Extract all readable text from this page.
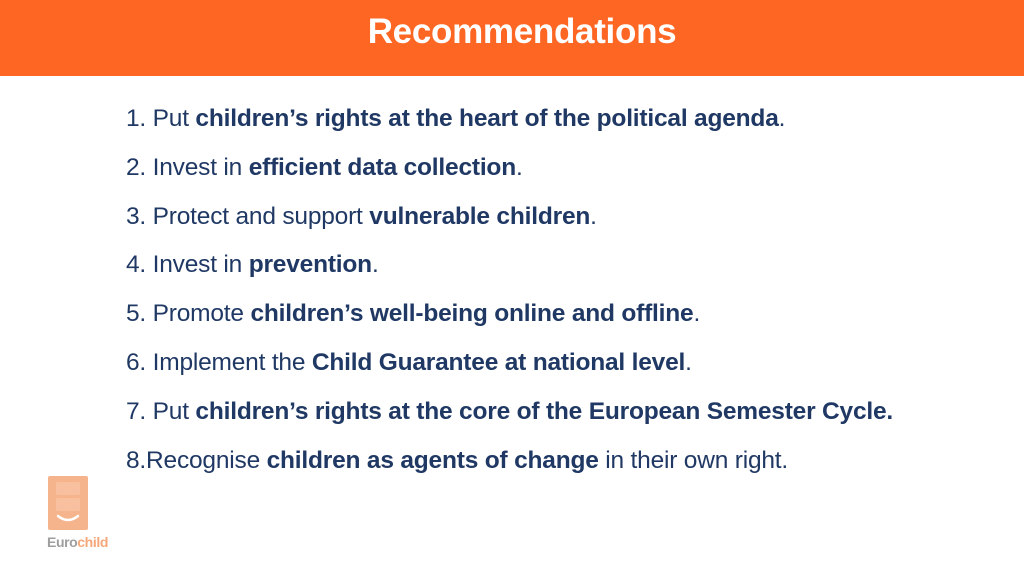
Recommendations
1. Put children’s rights at the heart of the political agenda.
2. Invest in efficient data collection.
3. Protect and support vulnerable children.
4. Invest in prevention.
5. Promote children’s well-being online and offline.
6. Implement the Child Guarantee at national level.
7. Put children’s rights at the core of the European Semester Cycle.
8.Recognise children as agents of change in their own right.
Eurochild
